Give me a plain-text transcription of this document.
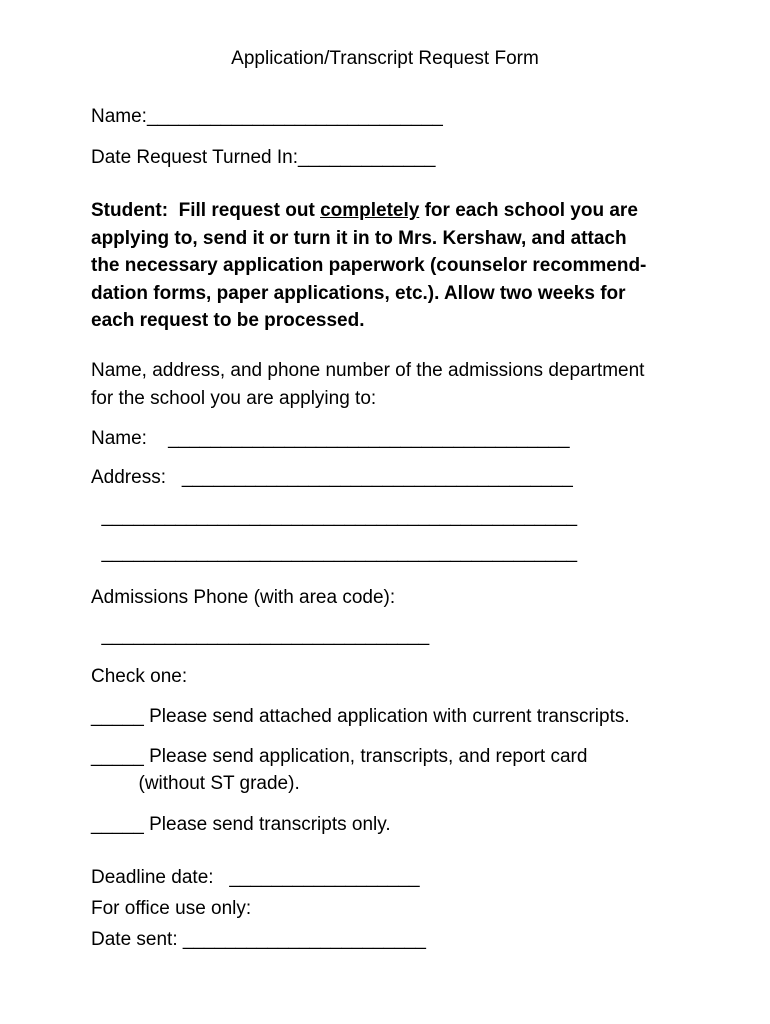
Application/Transcript Request Form
Name:____________________________
Date Request Turned In:_____________
Student:  Fill request out completely for each school you are
applying to, send it or turn it in to Mrs. Kershaw, and attach
the necessary application paperwork (counselor recommend-
dation forms, paper applications, etc.). Allow two weeks for
each request to be processed.
Name, address, and phone number of the admissions department
for the school you are applying to:
Name:    ______________________________________
Address:   _____________________________________
_____________________________________________
_____________________________________________
Admissions Phone (with area code):
_______________________________
Check one:
_____ Please send attached application with current transcripts.
_____ Please send application, transcripts, and report card
(without ST grade).
_____ Please send transcripts only.
Deadline date:   __________________
For office use only:
Date sent: _______________________
